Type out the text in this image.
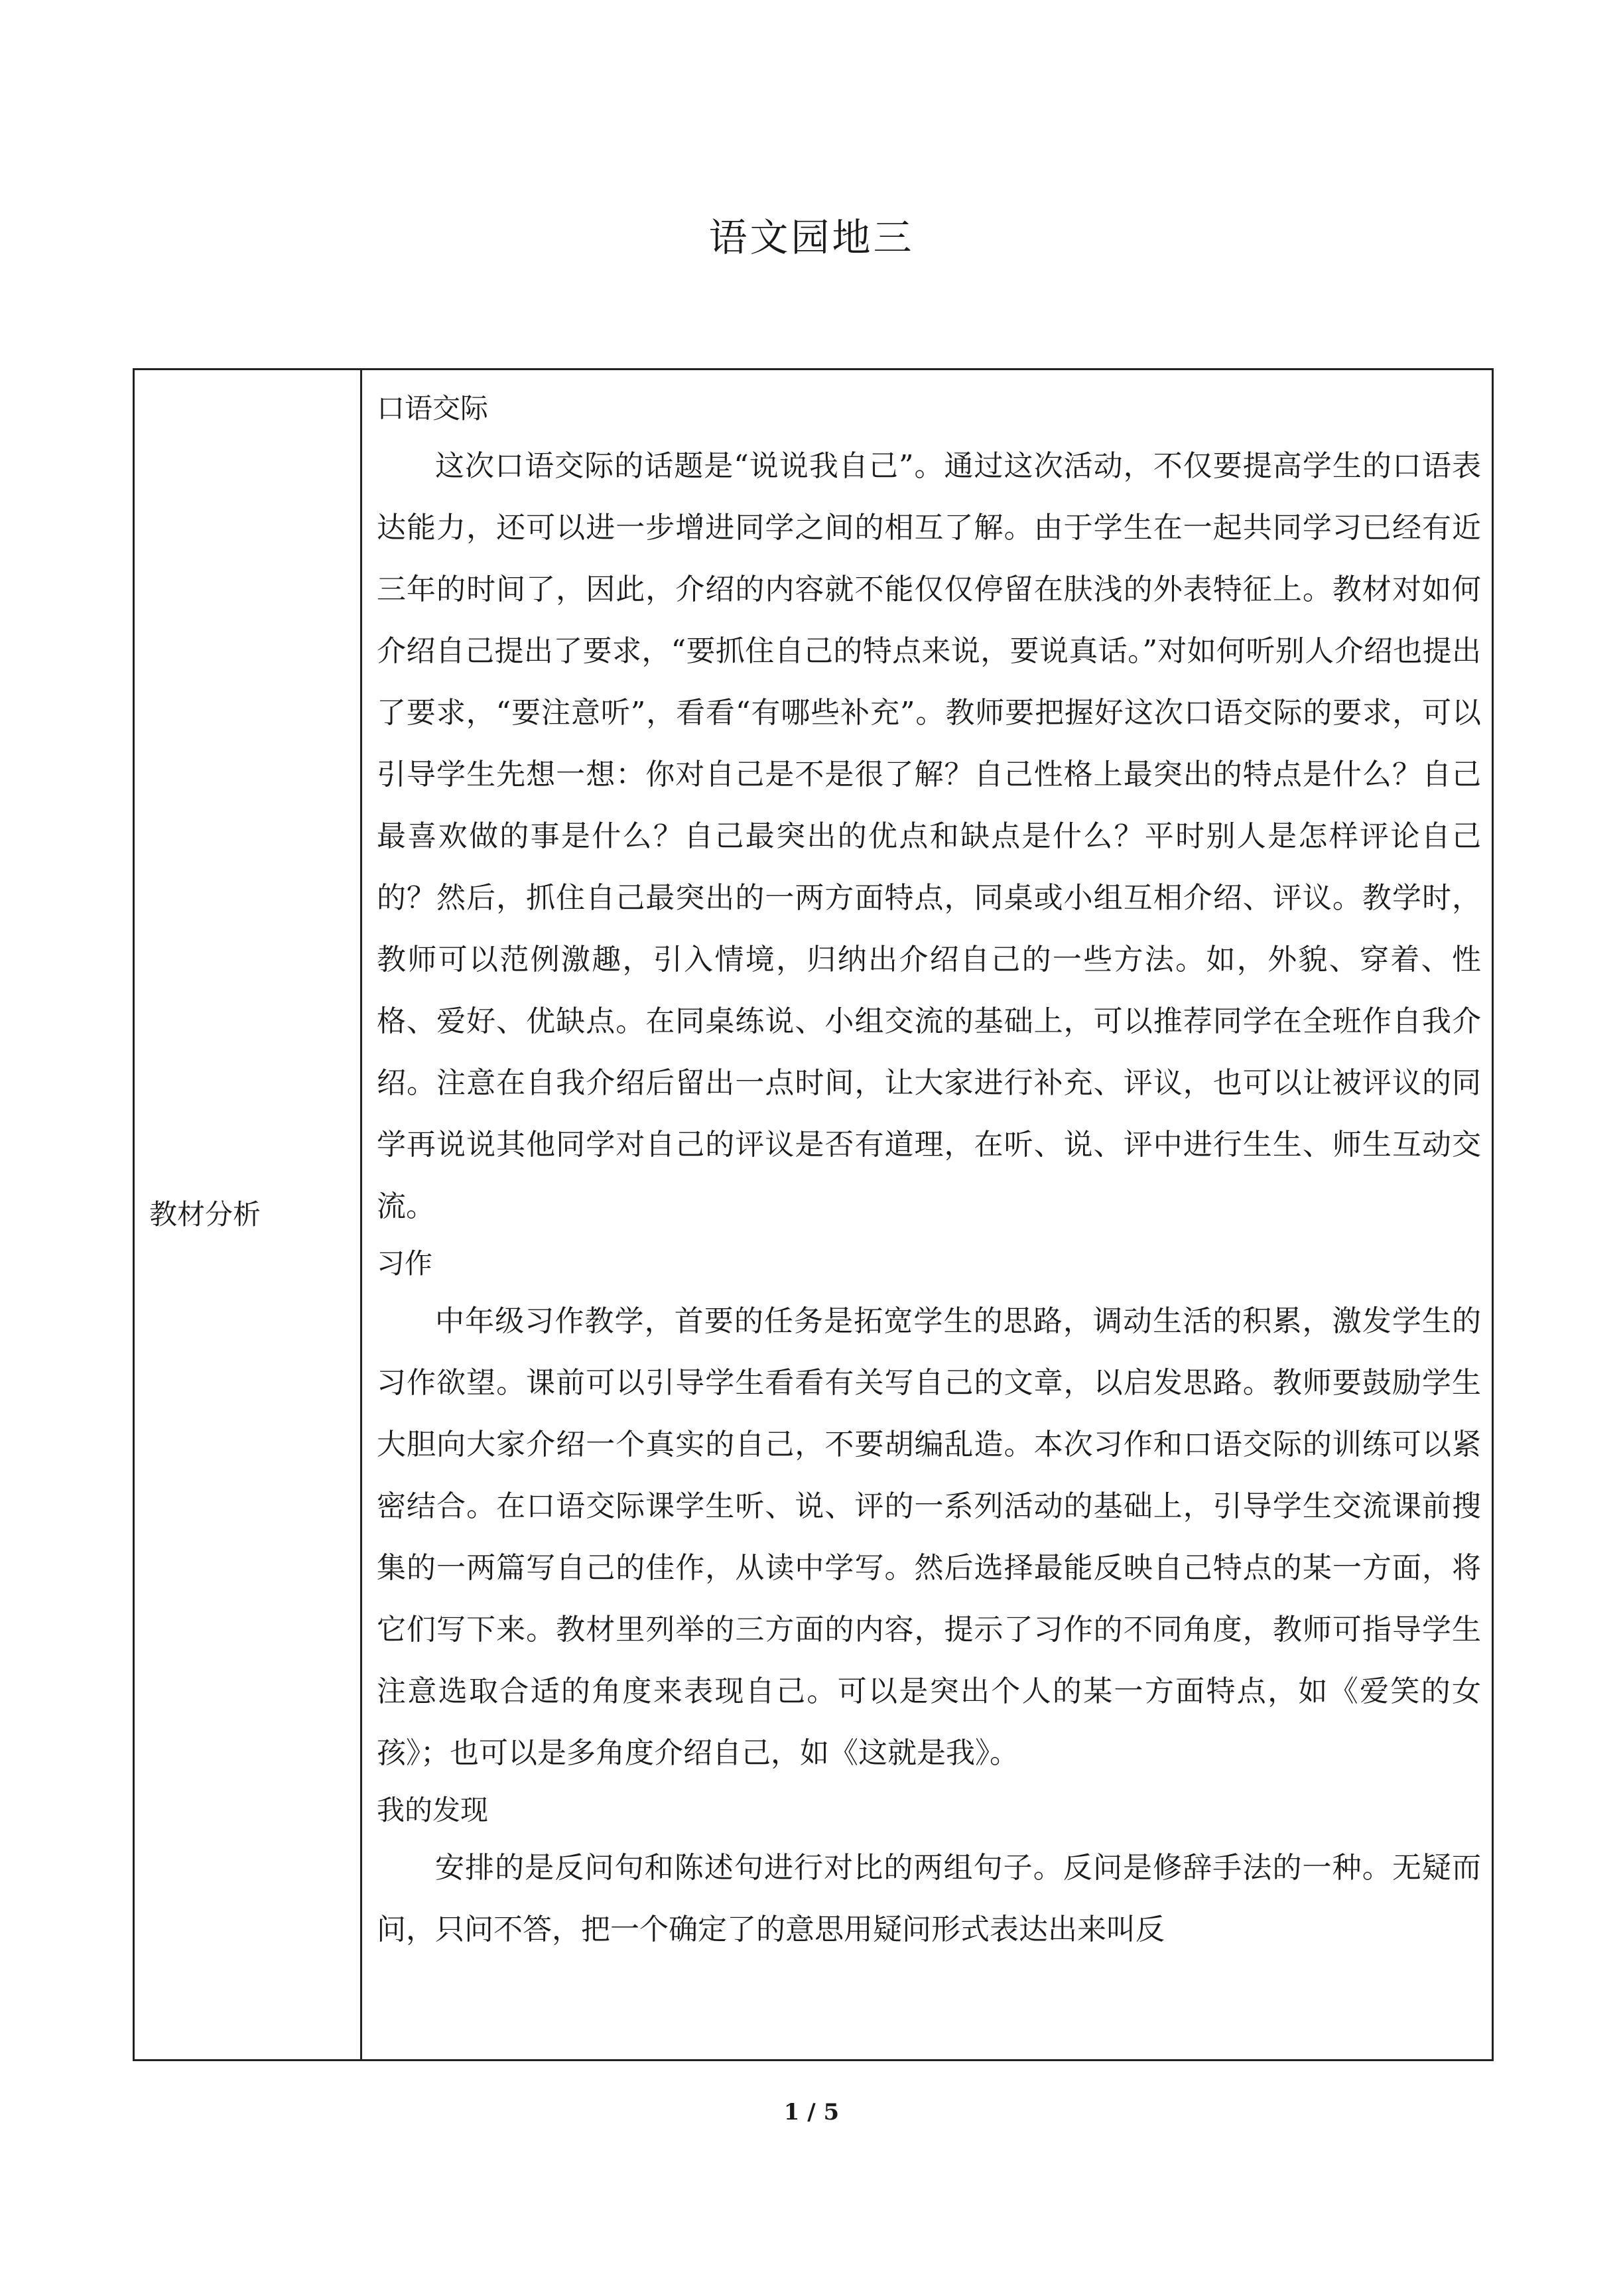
语文园地三
教材分析

口语交际

这次口语交际的话题是“说说我自己”。通过这次活动，不仅要提高学生的口语表达能力，还可以进一步增进同学之间的相互了解。由于学生在一起共同学习已经有近三年的时间了，因此，介绍的内容就不能仅仅停留在肤浅的外表特征上。教材对如何介绍自己提出了要求，“要抓住自己的特点来说，要说真话。”对如何听别人介绍也提出了要求，“要注意听”，看看“有哪些补充”。教师要把握好这次口语交际的要求，可以引导学生先想一想：你对自己是不是很了解？自己性格上最突出的特点是什么？自己最喜欢做的事是什么？自己最突出的优点和缺点是什么？平时别人是怎样评论自己的？然后，抓住自己最突出的一两方面特点，同桌或小组互相介绍、评议。教学时，教师可以范例激趣，引入情境，归纳出介绍自己的一些方法。如，外貌、穿着、性格、爱好、优缺点。在同桌练说、小组交流的基础上，可以推荐同学在全班作自我介绍。注意在自我介绍后留出一点时间，让大家进行补充、评议，也可以让被评议的同学再说说其他同学对自己的评议是否有道理，在听、说、评中进行生生、师生互动交流。

习作

中年级习作教学，首要的任务是拓宽学生的思路，调动生活的积累，激发学生的习作欲望。课前可以引导学生看看有关写自己的文章，以启发思路。教师要鼓励学生大胆向大家介绍一个真实的自己，不要胡编乱造。本次习作和口语交际的训练可以紧密结合。在口语交际课学生听、说、评的一系列活动的基础上，引导学生交流课前搜集的一两篇写自己的佳作，从读中学写。然后选择最能反映自己特点的某一方面，将它们写下来。教材里列举的三方面的内容，提示了习作的不同角度，教师可指导学生注意选取合适的角度来表现自己。可以是突出个人的某一方面特点，如《爱笑的女孩》；也可以是多角度介绍自己，如《这就是我》。

我的发现

安排的是反问句和陈述句进行对比的两组句子。反问是修辞手法的一种。无疑而问，只问不答，把一个确定了的意思用疑问形式表达出来叫反

1 / 5
